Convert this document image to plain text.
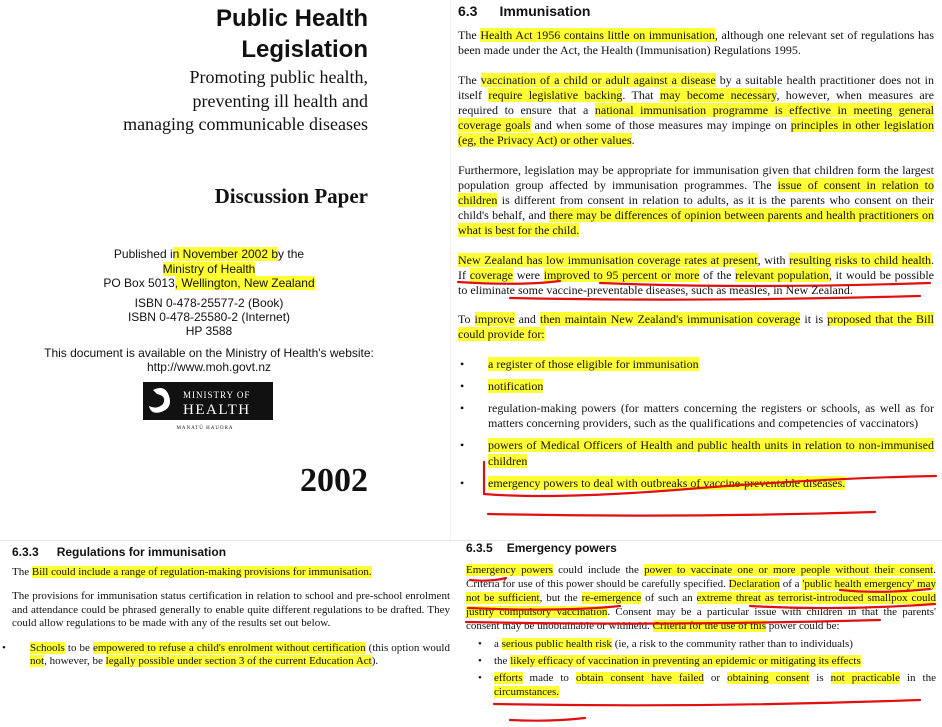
Public Health
Legislation
Promoting public health,
preventing ill health and
managing communicable diseases
Discussion Paper
Published in November 2002 by the
Ministry of Health
PO Box 5013, Wellington, New Zealand
ISBN 0-478-25577-2 (Book)
ISBN 0-478-25580-2 (Internet)
HP 3588
This document is available on the Ministry of Health's website:
http://www.moh.govt.nz
MINISTRY OF
HEALTH
MANATŪ HAUORA
2002
6.3 Immunisation

The Health Act 1956 contains little on immunisation, although one relevant set of regulations has been made under the Act, the Health (Immunisation) Regulations 1995.

The vaccination of a child or adult against a disease by a suitable health practitioner does not in itself require legislative backing. That may become necessary, however, when measures are required to ensure that a national immunisation programme is effective in meeting general coverage goals and when some of those measures may impinge on principles in other legislation (eg, the Privacy Act) or other values.

Furthermore, legislation may be appropriate for immunisation given that children form the largest population group affected by immunisation programmes. The issue of consent in relation to children is different from consent in relation to adults, as it is the parents who consent on their child's behalf, and there may be differences of opinion between parents and health practitioners on what is best for the child.

New Zealand has low immunisation coverage rates at present, with resulting risks to child health. If coverage were improved to 95 percent or more of the relevant population, it would be possible to eliminate some vaccine-preventable diseases, such as measles, in New Zealand.

To improve and then maintain New Zealand's immunisation coverage it is proposed that the Bill could provide for:

• a register of those eligible for immunisation
• notification
• regulation-making powers (for matters concerning the registers or schools, as well as for matters concerning providers, such as the qualifications and competencies of vaccinators)
• powers of Medical Officers of Health and public health units in relation to non-immunised children
• emergency powers to deal with outbreaks of vaccine-preventable diseases.
6.3.3 Regulations for immunisation

The Bill could include a range of regulation-making provisions for immunisation.

The provisions for immunisation status certification in relation to school and pre-school enrolment and attendance could be phrased generally to enable quite different regulations to be drafted. They could allow regulations to be made with any of the results set out below.

• Schools to be empowered to refuse a child's enrolment without certification (this option would not, however, be legally possible under section 3 of the current Education Act).
6.3.5 Emergency powers

Emergency powers could include the power to vaccinate one or more people without their consent. Criteria for use of this power should be carefully specified. Declaration of a 'public health emergency' may not be sufficient, but the re-emergence of such an extreme threat as terrorist-introduced smallpox could justify compulsory vaccination. Consent may be a particular issue with children in that the parents' consent may be unobtainable or withheld. Criteria for the use of this power could be:

• a serious public health risk (ie, a risk to the community rather than to individuals)
• the likely efficacy of vaccination in preventing an epidemic or mitigating its effects
• efforts made to obtain consent have failed or obtaining consent is not practicable in the circumstances.
